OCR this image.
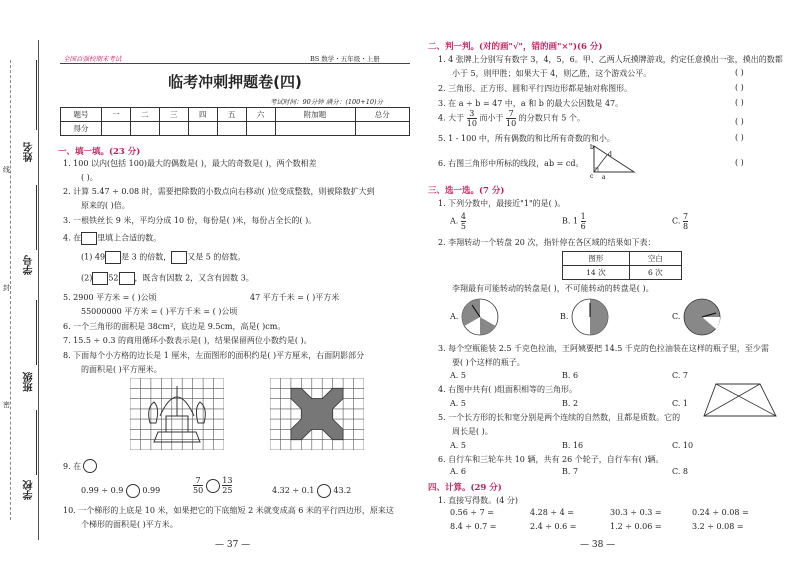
姓名
学号
班级
学校
线
封
密
全国百强校期末考试	BS 数学・五年级・上册
临考冲刺押题卷(四)
考试时间：90分钟 满分：(100+10)分
题号	一	二	三	四	五	六	附加题	总分
得分								
一、填一填。(23 分)
1. 100 以内(包括 100)最大的偶数是( )，最大的奇数是( )，两个数相差
( )。
2. 计算 5.47 ÷ 0.08 时，需要把除数的小数点向右移动( )位变成整数，则被除数扩大到
原来的( )倍。
3. 一根铁丝长 9 米，平均分成 10 份，每份是( )米，每份占全长的( )。
4. 在 里填上合适的数。
(1) 49 是 3 的倍数， 又是 5 的倍数。
(2) 52 ，既含有因数 2，又含有因数 3。
5. 2900 平方米 = ( )公顷	47 平方千米 = ( )平方米
55000000 平方米 = ( )平方千米 = ( )公顷
6. 一个三角形的面积是 38cm²，底边是 9.5cm，高是( )cm。
7. 15.5 ÷ 0.3 的商用循环小数表示是( )，结果保留两位小数约是( )。
8. 下面每个小方格的边长是 1 厘米，左面图形的面积约是( )平方厘米，右面阴影部分
的面积是( )平方厘米。
9. 在
0.99 ÷ 0.9 0.99	$\frac{7}{50}$
$\frac{13}{25}$	4.32 ÷ 0.1 43.2
10. 一个梯形的上底是 10 米，如果把它的下底缩短 2 米就变成高 6 米的平行四边形，原来这
个梯形的面积是( )平方米。
— 37 —
二、判一判。(对的画"√"，错的画"×")(6 分)
1. 4 张牌上分别写有数字 3，4，5，6。甲、乙两人玩摸牌游戏，约定任意摸出一张，摸出的数都
小于 5，则甲胜；如果大于 4，则乙胜，这个游戏公平。	( )
2. 三角形、正方形、圆和平行四边形都是轴对称图形。	( )
3. 在 a ÷ b = 47 中，a 和 b 的最大公因数是 47。	( )
4. 大于 $\frac{3}{10}$ 而小于 $\frac{7}{10}$ 的分数只有 5 个。	( )
5. 1 - 100 中，所有偶数的和比所有奇数的和小。	( )
6. 右图三角形中所标的线段，ab = cd。	( )
b
d
a
c
三、选一选。(7 分)
1. 下列分数中，最接近"1"的是( )。
A. $\frac{4}{5}$	B. $1 \frac{1}{6}$	C. $\frac{7}{8}$
2. 李翔转动一个转盘 20 次，指针停在各区域的结果如下表：
图形	空白
14 次	6 次
李翔最有可能转动的转盘是( )，不可能转动的转盘是( )。
A.	B.	C.
3. 每个空瓶能装 2.5 千克色拉油，王阿姨要把 14.5 千克的色拉油装在这样的瓶子里，至少需
要( )个这样的瓶子。
A. 5	B. 6	C. 7
4. 右图中共有( )组面积相等的三角形。
A. 5	B. 2	C. 1
5. 一个长方形的长和宽分别是两个连续的自然数，且都是质数。它的
周长是( )。
A. 5	B. 16	C. 10
6. 自行车和三轮车共 10 辆，共有 26 个轮子，自行车有( )辆。
A. 6	B. 7	C. 8
四、计算。(29 分)
1. 直接写得数。(4 分)
0.56 ÷ 7 =	4.28 ÷ 4 =	30.3 ÷ 0.3 =	0.24 ÷ 0.08 =
8.4 ÷ 0.7 =	2.4 ÷ 0.6 =	1.2 ÷ 0.06 =	3.2 ÷ 0.08 =
— 38 —
